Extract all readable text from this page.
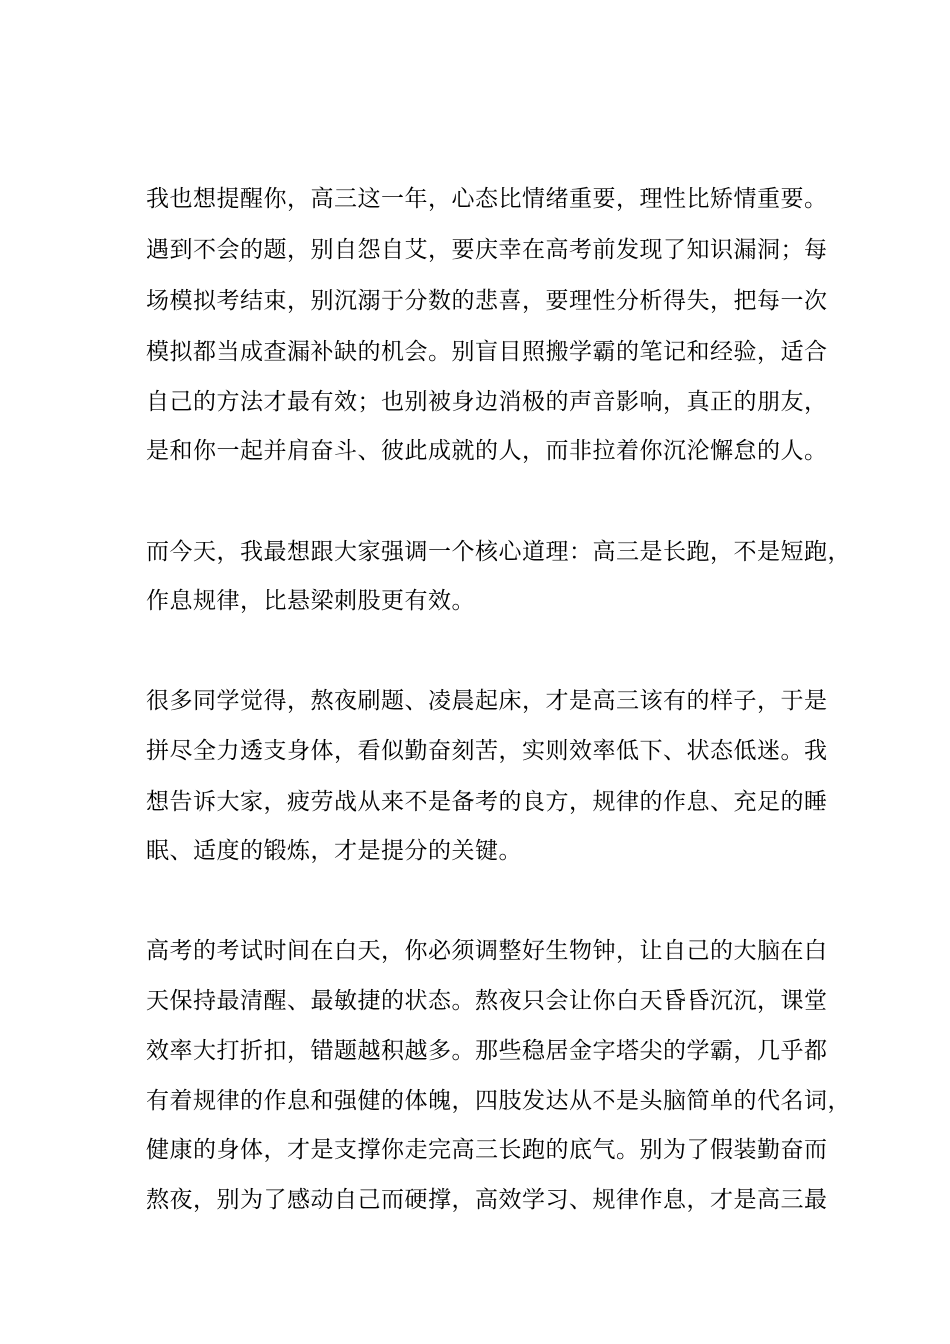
我也想提醒你，高三这一年，心态比情绪重要，理性比矫情重要。

遇到不会的题，别自怨自艾，要庆幸在高考前发现了知识漏洞；每

场模拟考结束，别沉溺于分数的悲喜，要理性分析得失，把每一次

模拟都当成查漏补缺的机会。别盲目照搬学霸的笔记和经验，适合

自己的方法才最有效；也别被身边消极的声音影响，真正的朋友，

是和你一起并肩奋斗、彼此成就的人，而非拉着你沉沦懈怠的人。

而今天，我最想跟大家强调一个核心道理：高三是长跑，不是短跑，

作息规律，比悬梁刺股更有效。

很多同学觉得，熬夜刷题、凌晨起床，才是高三该有的样子，于是

拼尽全力透支身体，看似勤奋刻苦，实则效率低下、状态低迷。我

想告诉大家，疲劳战从来不是备考的良方，规律的作息、充足的睡

眠、适度的锻炼，才是提分的关键。

高考的考试时间在白天，你必须调整好生物钟，让自己的大脑在白

天保持最清醒、最敏捷的状态。熬夜只会让你白天昏昏沉沉，课堂

效率大打折扣，错题越积越多。那些稳居金字塔尖的学霸，几乎都

有着规律的作息和强健的体魄，四肢发达从不是头脑简单的代名词，

健康的身体，才是支撑你走完高三长跑的底气。别为了假装勤奋而

熬夜，别为了感动自己而硬撑，高效学习、规律作息，才是高三最
